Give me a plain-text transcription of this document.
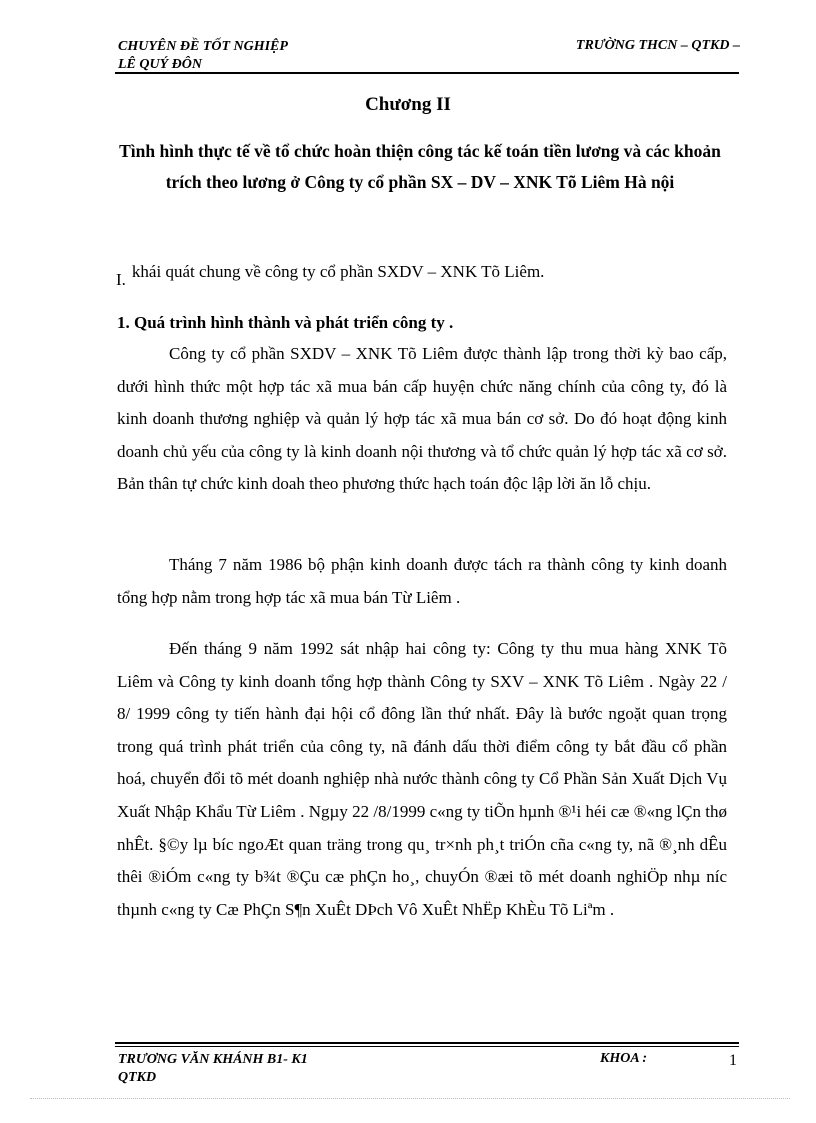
CHUYÊN ĐỀ TỐT NGHIỆP
LÊ QUÝ ĐÔN
TRƯỜNG THCN – QTKD –
Chương II
Tình hình thực tế về tổ chức hoàn thiện công tác kế toán tiền lương và các khoản trích theo lương ở Công ty cổ phần SX – DV – XNK Tõ Liêm Hà nội
I. khái quát chung về công ty cổ phần SXDV – XNK Tõ Liêm.
1. Quá trình hình thành và phát triển công ty .

Công ty cổ phần SXDV – XNK Tõ Liêm được thành lập trong thời kỳ bao cấp, dưới hình thức một hợp tác xã mua bán cấp huyện chức năng chính của công ty, đó là kinh doanh thương nghiệp và quản lý hợp tác xã mua bán cơ sở. Do đó hoạt động kinh doanh chủ yếu của công ty là kinh doanh nội thương và tổ chức quản lý hợp tác xã cơ sở. Bản thân tự chức kinh doah theo phương thức hạch toán độc lập lời ăn lỗ chịu.

Tháng 7 năm 1986 bộ phận kinh doanh được tách ra thành công ty kinh doanh tổng hợp nằm trong hợp tác xã mua bán Từ Liêm .

Đến tháng 9 năm 1992 sát nhập hai công ty: Công ty thu mua hàng XNK Tõ Liêm và Công ty kinh doanh tổng hợp thành Công ty SXV – XNK Tõ Liêm . Ngày 22 / 8/ 1999 công ty tiến hành đại hội cổ đông lần thứ nhất. Đây là bước ngoặt quan trọng trong quá trình phát triển của công ty, nã đánh dấu thời điểm công ty bắt đầu cổ phần hoá, chuyển đổi tõ mét doanh nghiệp nhà nước thành công ty Cổ Phần Sản Xuất Dịch Vụ Xuất Nhập Khẩu Từ Liêm . Ngµy 22 /8/1999 c«ng ty tiÕn hµnh ®¹i héi cæ ®«ng lÇn thø nhÊt. §©y lµ bíc ngoÆt quan träng trong qu¸ tr×nh ph¸t triÓn cña c«ng ty, nã ®¸nh dÊu thêi ®iÓm c«ng ty b¾t ®Çu cæ phÇn ho¸, chuyÓn ®æi tõ mét doanh nghiÖp nhµ níc thµnh c«ng ty Cæ PhÇn S¶n XuÊt DÞch Vô XuÊt NhËp KhÈu Tõ Liªm .

TRƯƠNG VĂN KHÁNH B1- K1
QTKD
KHOA :	1
